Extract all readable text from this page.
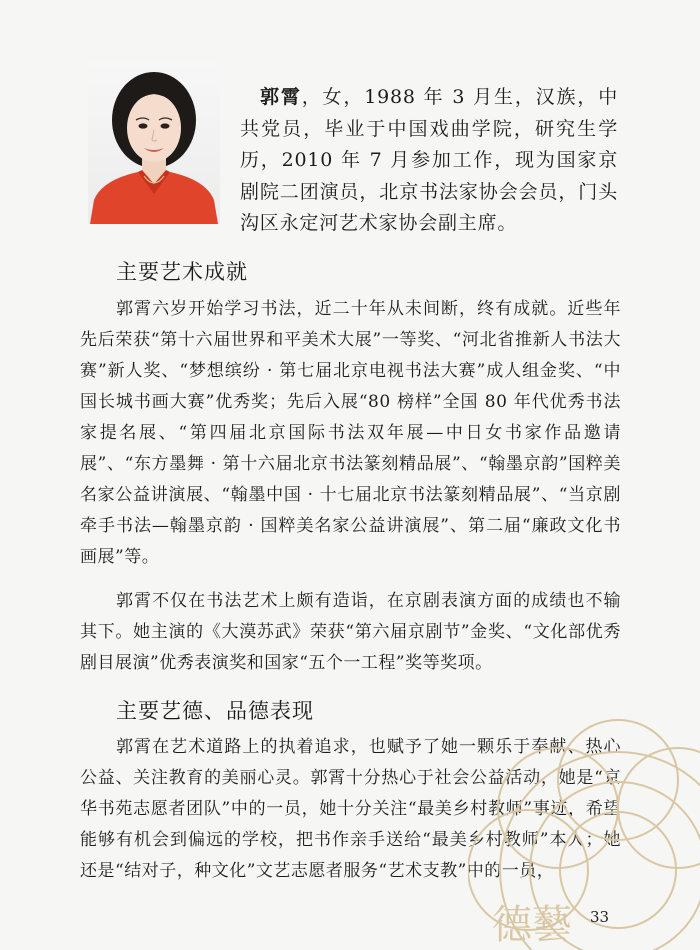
郭霄，女，1988 年 3 月生，汉族，中共党员，毕业于中国戏曲学院，研究生学历，2010 年 7 月参加工作，现为国家京剧院二团演员，北京书法家协会会员，门头沟区永定河艺术家协会副主席。

主要艺术成就

郭霄六岁开始学习书法，近二十年从未间断，终有成就。近些年先后荣获“第十六届世界和平美术大展”一等奖、“河北省推新人书法大赛”新人奖、“梦想缤纷 · 第七届北京电视书法大赛”成人组金奖、“中国长城书画大赛”优秀奖；先后入展“80 榜样”全国 80 年代优秀书法家提名展、“第四届北京国际书法双年展—中日女书家作品邀请展”、“东方墨舞 · 第十六届北京书法篆刻精品展”、“翰墨京韵”国粹美名家公益讲演展、“翰墨中国 · 十七届北京书法篆刻精品展”、“当京剧牵手书法—翰墨京韵 · 国粹美名家公益讲演展”、第二届“廉政文化书画展”等。

郭霄不仅在书法艺术上颇有造诣，在京剧表演方面的成绩也不输其下。她主演的《大漠苏武》荣获“第六届京剧节”金奖、“文化部优秀剧目展演”优秀表演奖和国家“五个一工程”奖等奖项。

主要艺德、品德表现

郭霄在艺术道路上的执着追求，也赋予了她一颗乐于奉献、热心公益、关注教育的美丽心灵。郭霄十分热心于社会公益活动，她是“京华书苑志愿者团队”中的一员，她十分关注“最美乡村教师”事迹，希望能够有机会到偏远的学校，把书作亲手送给“最美乡村教师”本人；她还是“结对子，种文化”文艺志愿者服务“艺术支教”中的一员，

德藝 33
